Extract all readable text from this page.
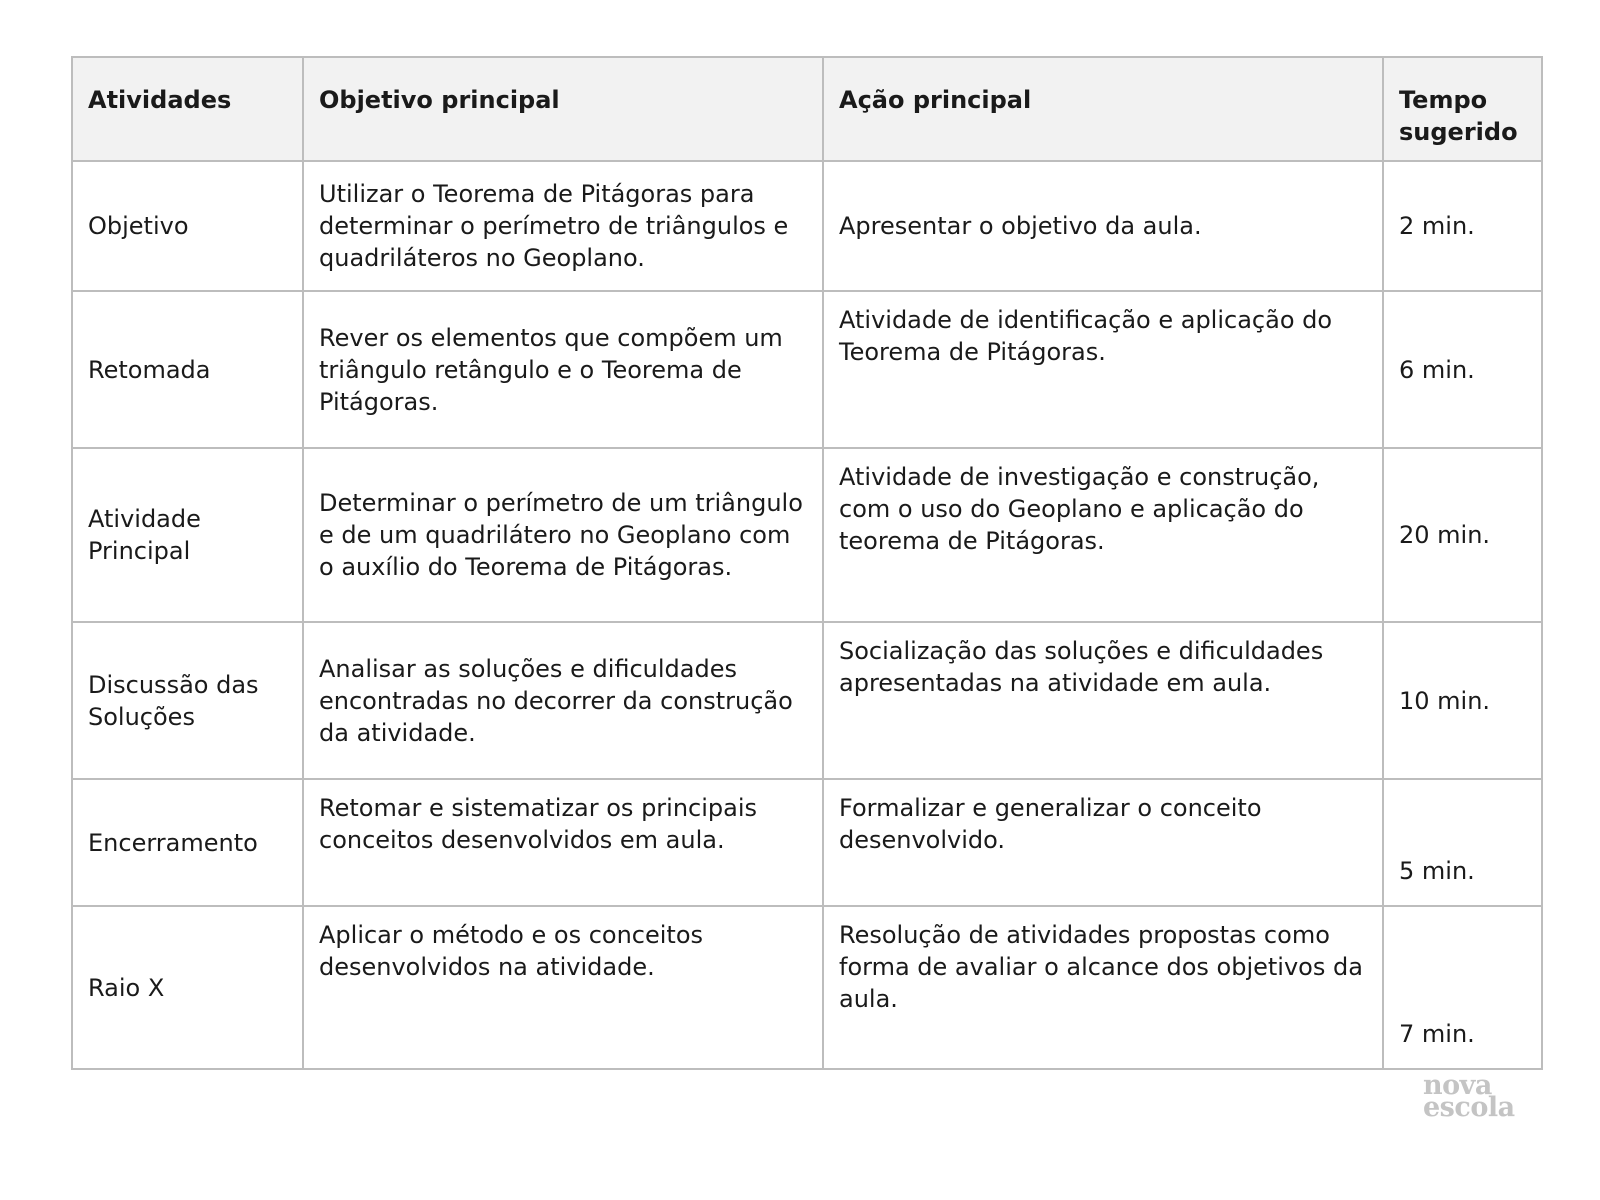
Atividades	Objetivo principal	Ação principal	Tempo sugerido
Objetivo	Utilizar o Teorema de Pitágoras para determinar o perímetro de triângulos e quadriláteros no Geoplano.	Apresentar o objetivo da aula.	2 min.
Retomada	Rever os elementos que compõem um triângulo retângulo e o Teorema de Pitágoras.	Atividade de identificação e aplicação do Teorema de Pitágoras.	6 min.
Atividade Principal	Determinar o perímetro de um triângulo e de um quadrilátero no Geoplano com o auxílio do Teorema de Pitágoras.	Atividade de investigação e construção, com o uso do Geoplano e aplicação do teorema de Pitágoras.	20 min.
Discussão das Soluções	Analisar as soluções e dificuldades encontradas no decorrer da construção da atividade.	Socialização das soluções e dificuldades apresentadas na atividade em aula.	10 min.
Encerramento	Retomar e sistematizar os principais conceitos desenvolvidos em aula.	Formalizar e generalizar o conceito desenvolvido.	5 min.
Raio X	Aplicar o método e os conceitos desenvolvidos na atividade.	Resolução de atividades propostas como forma de avaliar o alcance dos objetivos da aula.	7 min.
nova
escola
